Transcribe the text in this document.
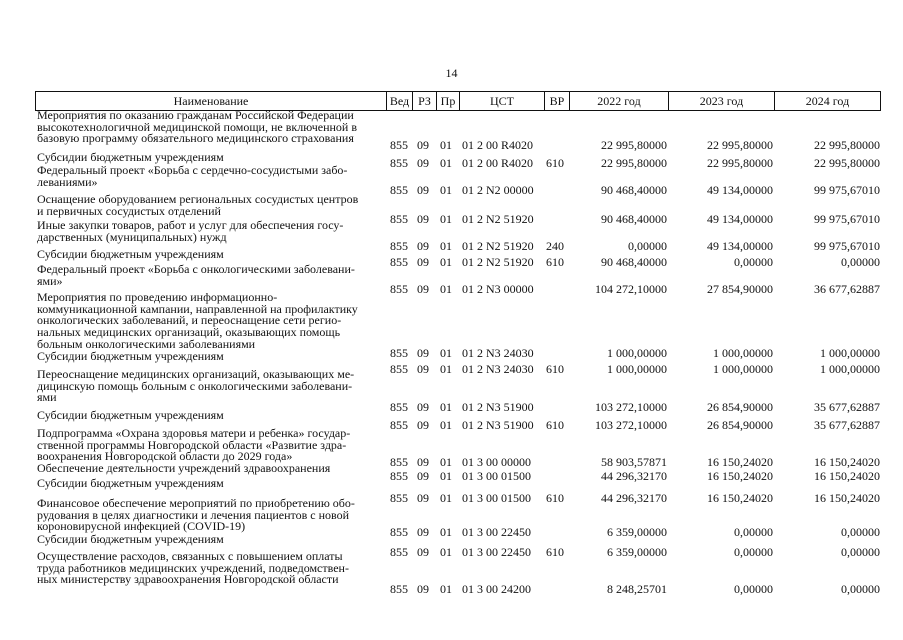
14
Наименование	Вед РЗ Пр	ЦСТ	ВР	2022 год	2023 год	2024 год
Мероприятия по оказанию гражданам Российской Федерации
высокотехнологичной медицинской помощи, не включенной в
базовую программу обязательного медицинского страхования	855 09 01 01 2 00 R4020	22 995,80000	22 995,80000	22 995,80000
Субсидии бюджетным учреждениям	855 09 01 01 2 00 R4020	610	22 995,80000	22 995,80000	22 995,80000
Федеральный проект «Борьба с сердечно-сосудистыми забо-
леваниями»
855 09 01 01 2 N2 00000	90 468,40000	49 134,00000	99 975,67010
Оснащение оборудованием региональных сосудистых центров
и первичных сосудистых отделений
855 09 01 01 2 N2 51920	90 468,40000	49 134,00000	99 975,67010
Иные закупки товаров, работ и услуг для обеспечения госу-
дарственных (муниципальных) нужд
855 09 01 01 2 N2 51920	240	0,00000	49 134,00000	99 975,67010
Субсидии бюджетным учреждениям
855 09 01 01 2 N2 51920	610	90 468,40000	0,00000	0,00000
Федеральный проект «Борьба с онкологическими заболевани-
ями»
855 09 01 01 2 N3 00000	104 272,10000	27 854,90000	36 677,62887
Мероприятия по проведению информационно-
коммуникационной кампании, направленной на профилактику
онкологических заболеваний, и переоснащение сети регио-
нальных медицинских организаций, оказывающих помощь
больным онкологическими заболеваниями
855 09 01 01 2 N3 24030	1 000,00000	1 000,00000	1 000,00000
Субсидии бюджетным учреждениям
855 09 01 01 2 N3 24030	610	1 000,00000	1 000,00000	1 000,00000
Переоснащение медицинских организаций, оказывающих ме-
дицинскую помощь больным с онкологическими заболевани-
ями
855 09 01 01 2 N3 51900	103 272,10000	26 854,90000	35 677,62887
Субсидии бюджетным учреждениям
855 09 01 01 2 N3 51900	610	103 272,10000	26 854,90000	35 677,62887
Подпрограмма «Охрана здоровья матери и ребенка» государ-
ственной программы Новгородской области «Развитие здра-
воохранения Новгородской области до 2029 года»	855 09 01 01 3 00 00000	58 903,57871	16 150,24020	16 150,24020
Обеспечение деятельности учреждений здравоохранения
855 09 01 01 3 00 01500	44 296,32170	16 150,24020	16 150,24020
Субсидии бюджетным учреждениям
855 09 01 01 3 00 01500	610	44 296,32170	16 150,24020	16 150,24020
Финансовое обеспечение мероприятий по приобретению обо-
рудования в целях диагностики и лечения пациентов с новой
короновирусной инфекцией (COVID-19)	855 09 01 01 3 00 22450	6 359,00000	0,00000	0,00000
Субсидии бюджетным учреждениям
855 09 01 01 3 00 22450	610	6 359,00000	0,00000	0,00000
Осуществление расходов, связанных с повышением оплаты
труда работников медицинских учреждений, подведомствен-
ных министерству здравоохранения Новгородской области
855 09 01 01 3 00 24200	8 248,25701	0,00000	0,00000
